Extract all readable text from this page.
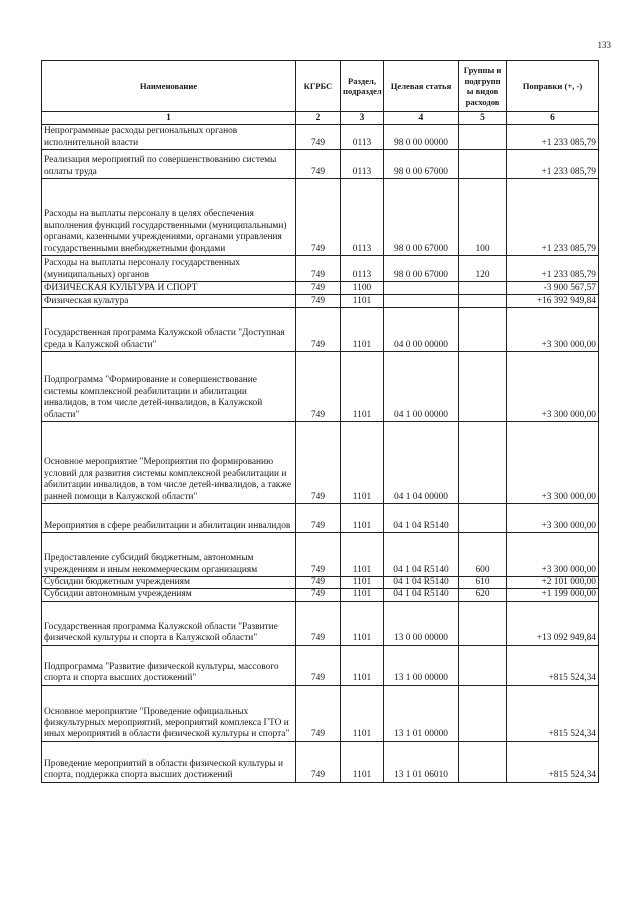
133
Наименование	КГРБС	Раздел, подраздел	Целевая статья	Группы и подгрупп ы видов расходов	Поправки (+, -)
1	2	3	4	5	6
Непрограммные расходы региональных органов исполнительной власти	749	0113	98 0 00 00000		+1 233 085,79
Реализация мероприятий по совершенствованию системы оплаты труда	749	0113	98 0 00 67000		+1 233 085,79
Расходы на выплаты персоналу в целях обеспечения выполнения функций государственными (муниципальными) органами, казенными учреждениями, органами управления государственными внебюджетными фондами	749	0113	98 0 00 67000	100	+1 233 085,79
Расходы на выплаты персоналу государственных (муниципальных) органов	749	0113	98 0 00 67000	120	+1 233 085,79
ФИЗИЧЕСКАЯ КУЛЬТУРА И СПОРТ	749	1100			-3 900 567,57
Физическая культура	749	1101			+16 392 949,84
Государственная программа Калужской области "Доступная среда в Калужской области"	749	1101	04 0 00 00000		+3 300 000,00
Подпрограмма "Формирование и совершенствование системы комплексной реабилитации и абилитации инвалидов, в том числе детей-инвалидов, в Калужской области"	749	1101	04 1 00 00000		+3 300 000,00
Основное мероприятие "Мероприятия по формированию условий для развития системы комплексной реабилитации и абилитации инвалидов, в том числе детей-инвалидов, а также ранней помощи в Калужской области"	749	1101	04 1 04 00000		+3 300 000,00
Мероприятия в сфере реабилитации и абилитации инвалидов	749	1101	04 1 04 R5140		+3 300 000,00
Предоставление субсидий бюджетным, автономным учреждениям и иным некоммерческим организациям	749	1101	04 1 04 R5140	600	+3 300 000,00
Субсидии бюджетным учреждениям	749	1101	04 1 04 R5140	610	+2 101 000,00
Субсидии автономным учреждениям	749	1101	04 1 04 R5140	620	+1 199 000,00
Государственная программа Калужской области "Развитие физической культуры и спорта в Калужской области"	749	1101	13 0 00 00000		+13 092 949,84
Подпрограмма "Развитие физической культуры, массового спорта и спорта высших достижений"	749	1101	13 1 00 00000		+815 524,34
Основное мероприятие "Проведение официальных физкультурных мероприятий, мероприятий комплекса ГТО и иных мероприятий в области физической культуры и спорта"	749	1101	13 1 01 00000		+815 524,34
Проведение мероприятий в области физической культуры и спорта, поддержка спорта высших достижений	749	1101	13 1 01 06010		+815 524,34
